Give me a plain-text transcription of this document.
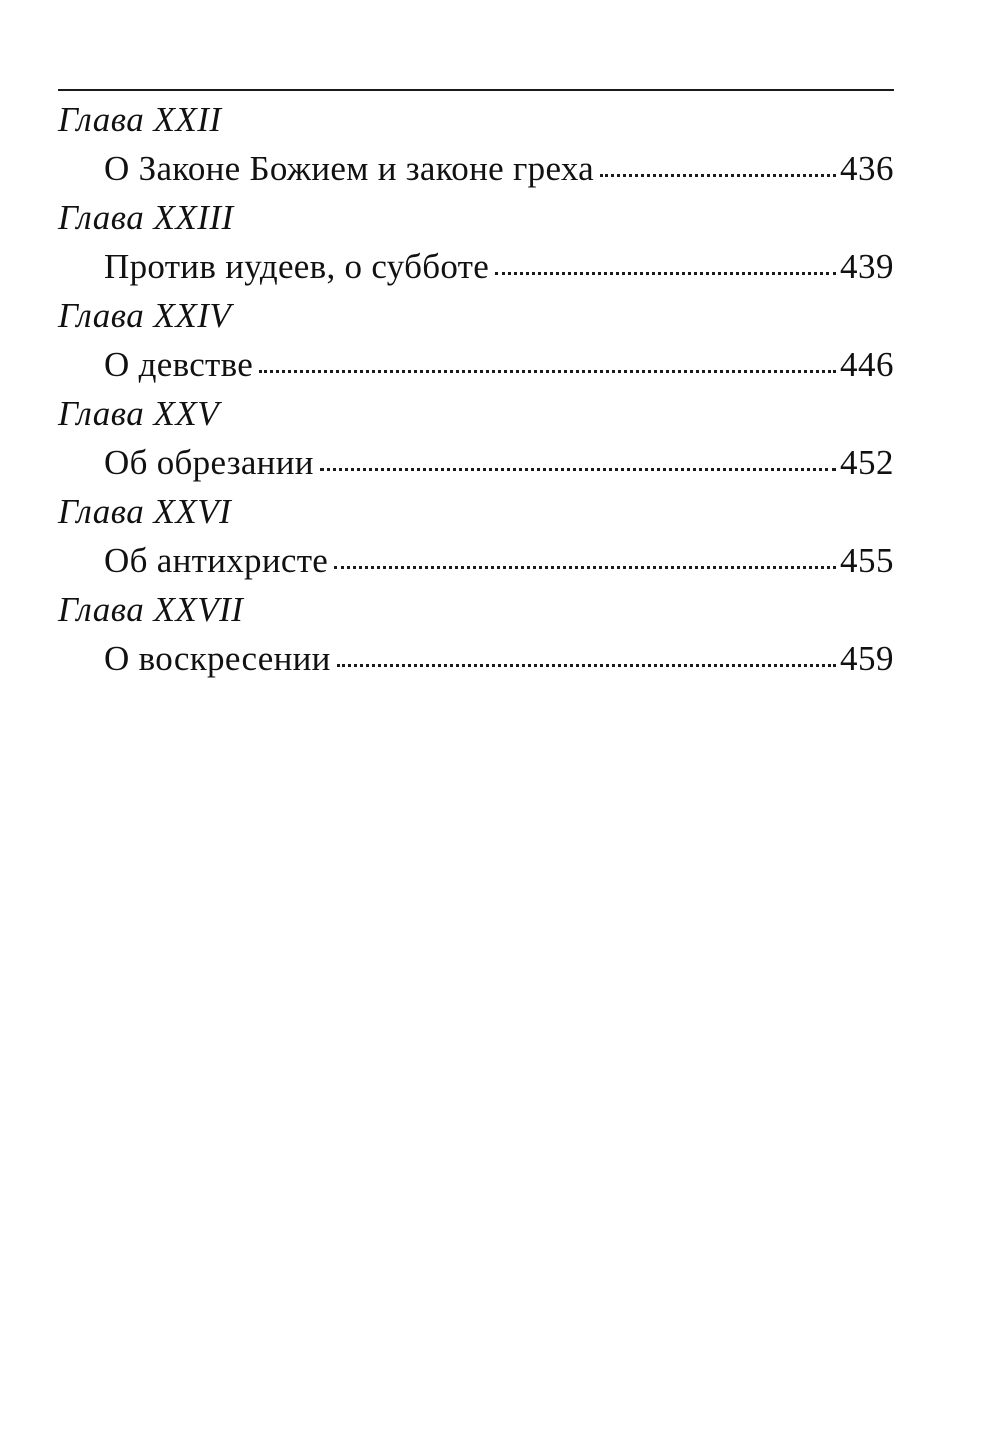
Глава XXII
О Законе Божием и законе греха	436
Глава XXIII
Против иудеев, о субботе	439
Глава XXIV
О девстве	446
Глава XXV
Об обрезании	452
Глава XXVI
Об антихристе	455
Глава XXVII
О воскресении	459
